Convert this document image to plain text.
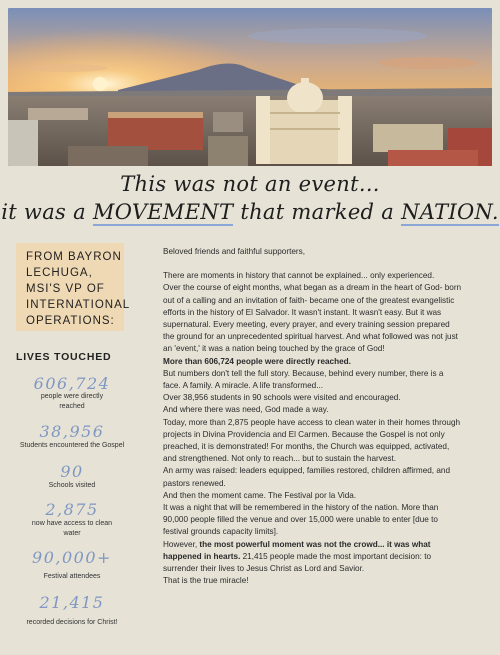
This was not an event...
it was a MOVEMENT that marked a NATION.
FROM BAYRON
LECHUGA,
MSI'S VP OF
INTERNATIONAL
OPERATIONS:
LIVES TOUCHED
606,724
people were directly
reached
38,956
Students encountered the Gospel
90
Schools visited
2,875
now have access to clean
water
90,000+
Festival attendees
21,415
recorded decisions for Christ!

Beloved friends and faithful supporters,

There are moments in history that cannot be explained... only experienced.

Over the course of eight months, what began as a dream in the heart of God- born

out of a calling and an invitation of faith- became one of the greatest evangelistic

efforts in the history of El Salvador. It wasn't instant. It wasn't easy. But it was

supernatural. Every meeting, every prayer, and every training session prepared

the ground for an unprecedented spiritual harvest. And what followed was not just

an 'event,' it was a nation being touched by the grace of God!

More than 606,724 people were directly reached.

But numbers don't tell the full story. Because, behind every number, there is a

face. A family. A miracle. A life transformed...

Over 38,956 students in 90 schools were visited and encouraged.

And where there was need, God made a way.

Today, more than 2,875 people have access to clean water in their homes through

projects in Divina Providencia and El Carmen. Because the Gospel is not only

preached, it is demonstrated! For months, the Church was equipped, activated,

and strengthened. Not only to reach... but to sustain the harvest.

An army was raised: leaders equipped, families restored, children affirmed, and

pastors renewed.

And then the moment came. The Festival por la Vida.

It was a night that will be remembered in the history of the nation. More than

90,000 people filled the venue and over 15,000 were unable to enter [due to

festival grounds capacity limits].

However, the most powerful moment was not the crowd... it was what

happened in hearts. 21,415 people made the most important decision: to

surrender their lives to Jesus Christ as Lord and Savior.

That is the true miracle!
